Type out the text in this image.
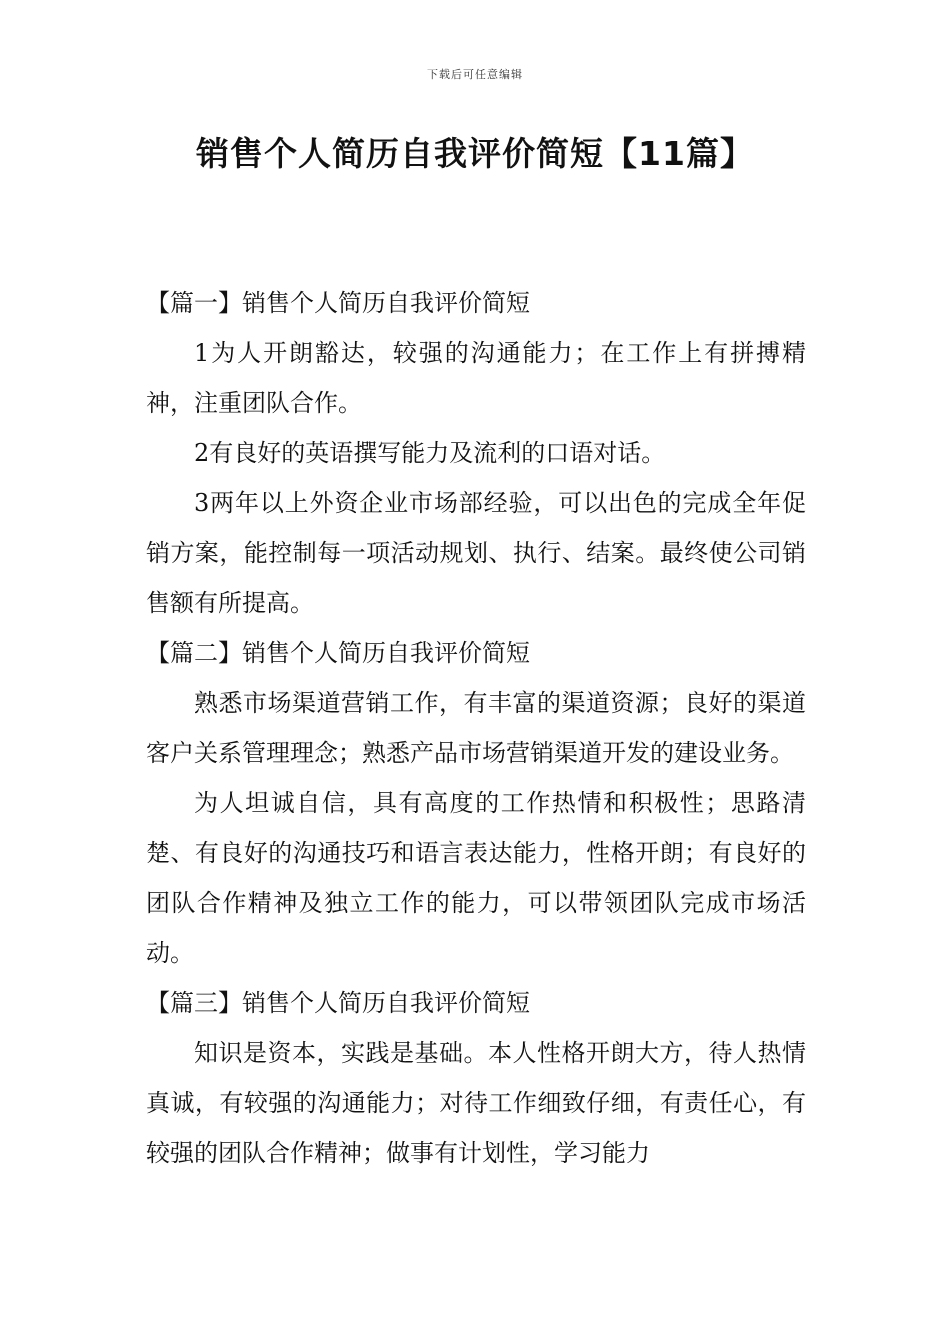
下载后可任意编辑
销售个人简历自我评价简短【11篇】

【篇一】销售个人简历自我评价简短

1为人开朗豁达，较强的沟通能力；在工作上有拼搏精神，注重团队合作。

2有良好的英语撰写能力及流利的口语对话。

3两年以上外资企业市场部经验，可以出色的完成全年促销方案，能控制每一项活动规划、执行、结案。最终使公司销售额有所提高。

【篇二】销售个人简历自我评价简短

熟悉市场渠道营销工作，有丰富的渠道资源；良好的渠道客户关系管理理念；熟悉产品市场营销渠道开发的建设业务。

为人坦诚自信，具有高度的工作热情和积极性；思路清楚、有良好的沟通技巧和语言表达能力，性格开朗；有良好的团队合作精神及独立工作的能力，可以带领团队完成市场活动。

【篇三】销售个人简历自我评价简短

知识是资本，实践是基础。本人性格开朗大方，待人热情真诚，有较强的沟通能力；对待工作细致仔细，有责任心，有较强的团队合作精神；做事有计划性，学习能力
